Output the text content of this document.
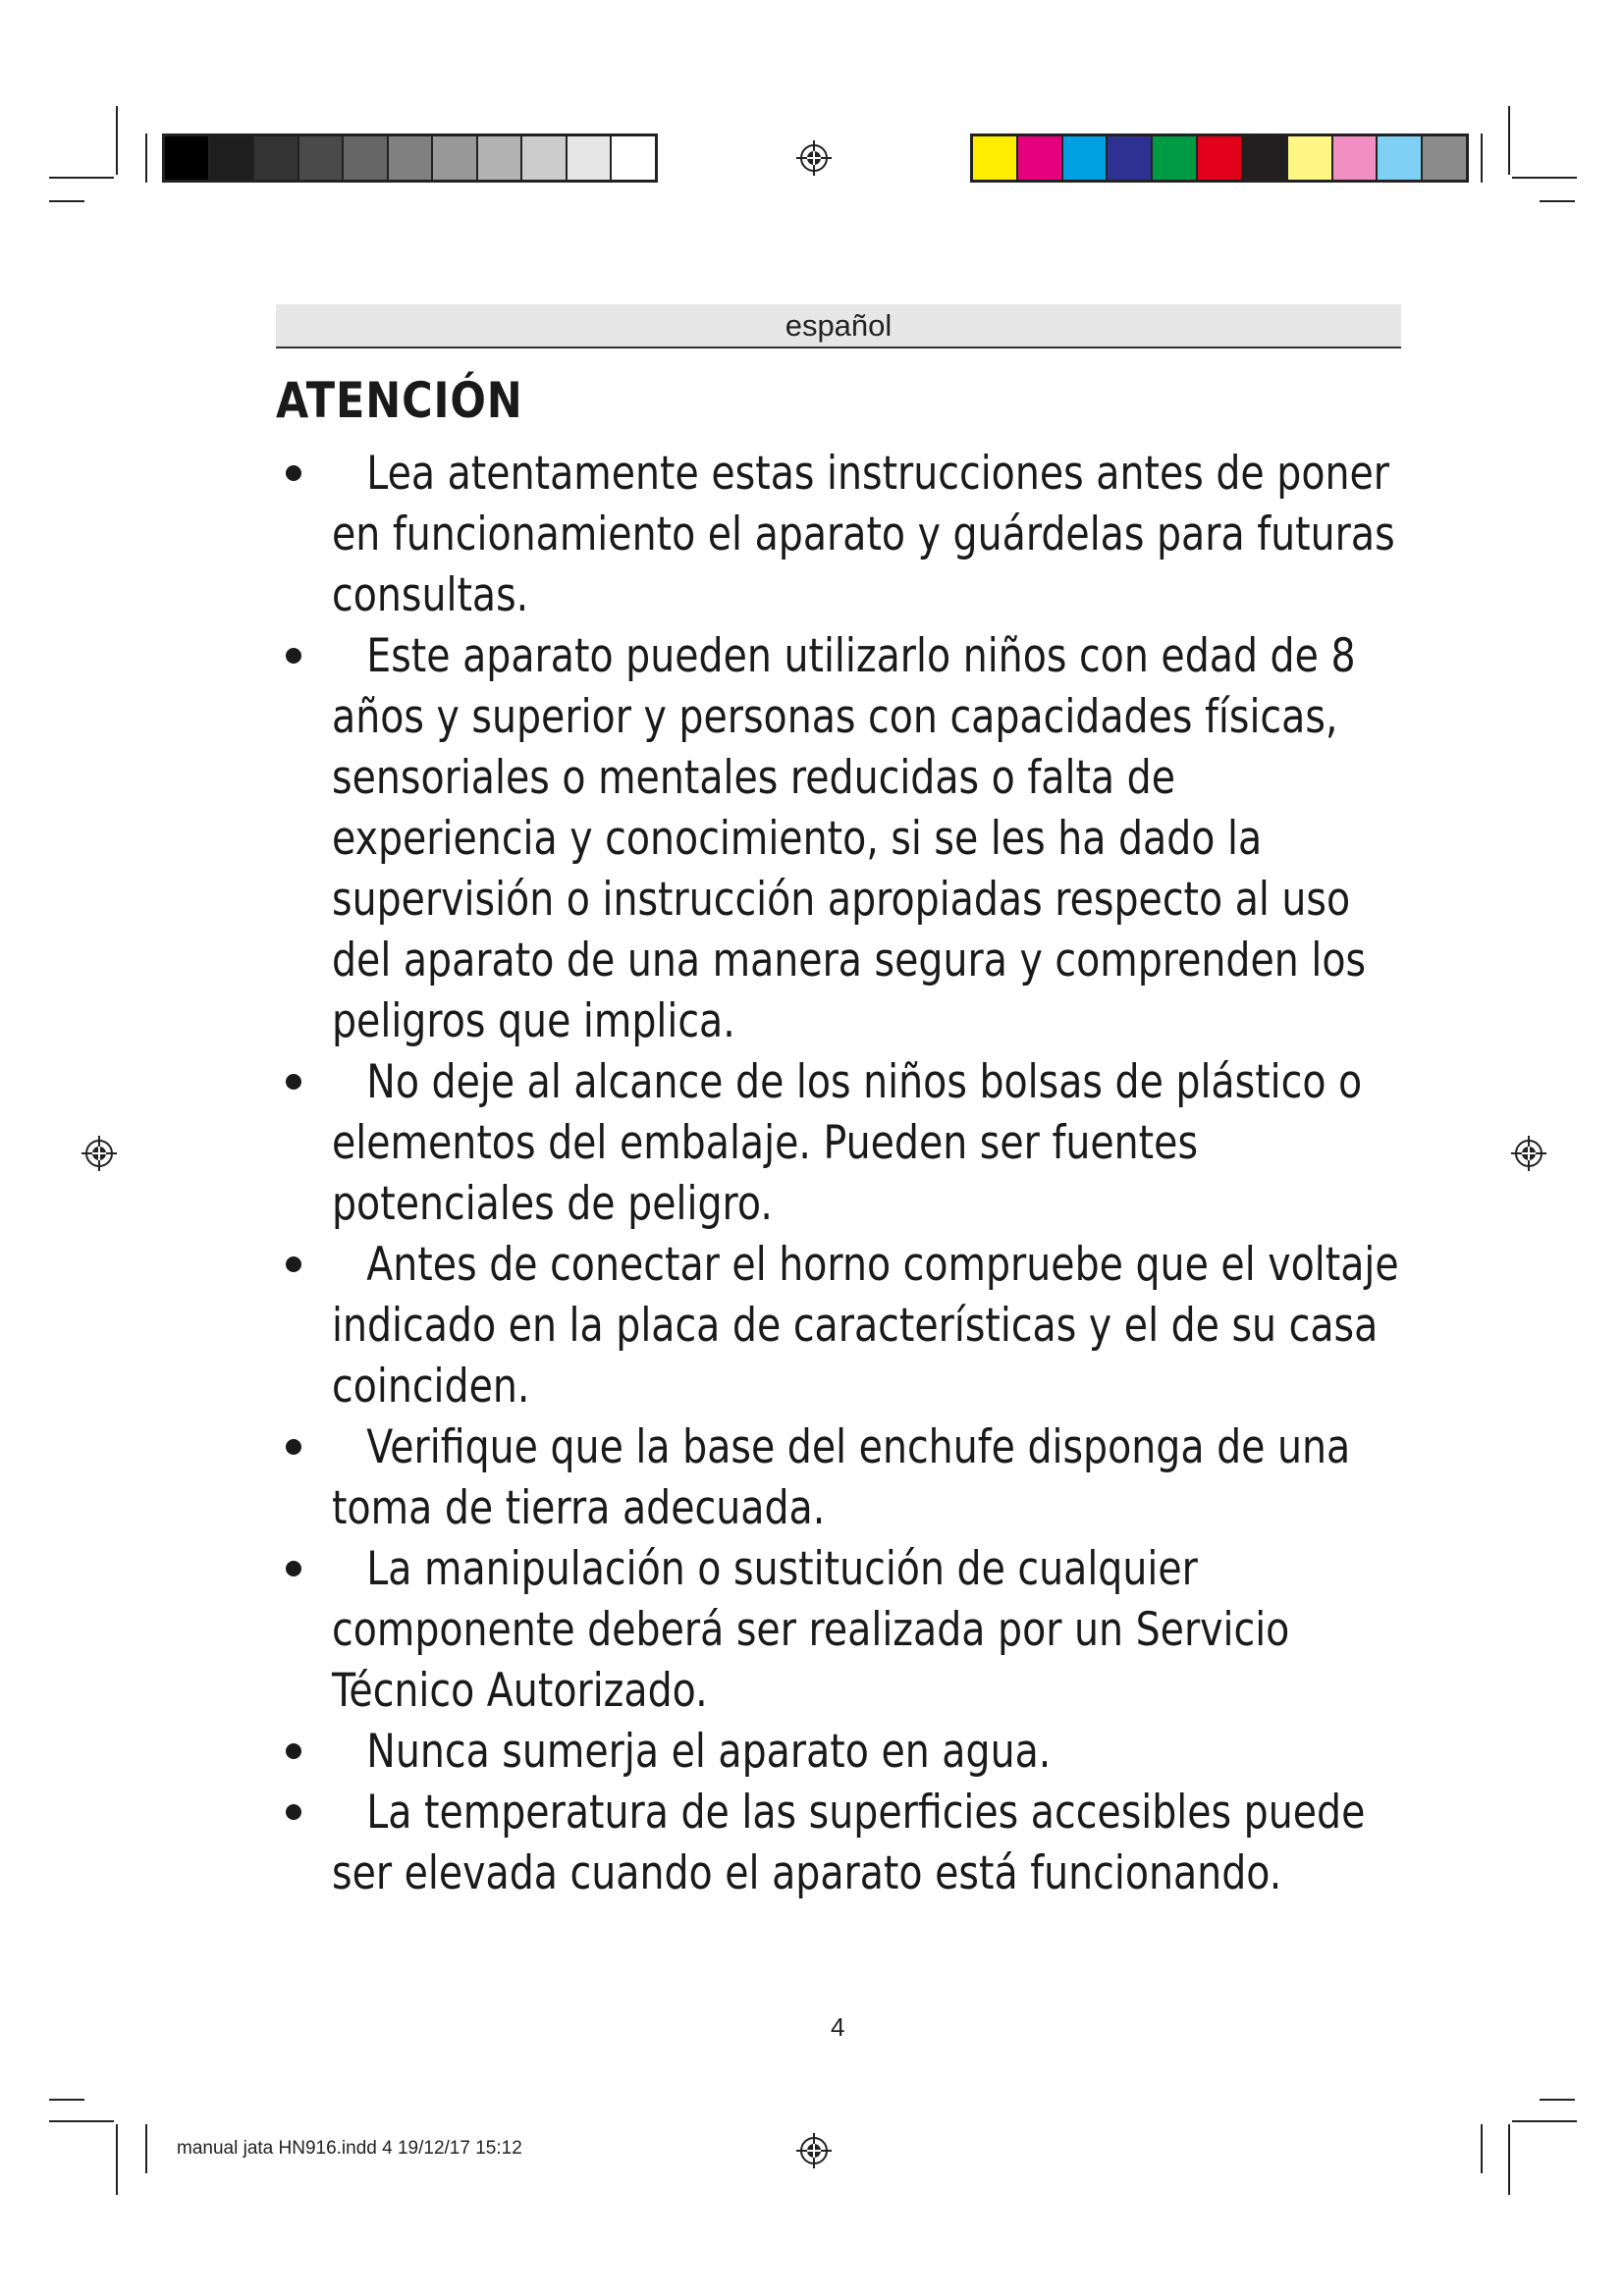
español
ATENCIÓN
Lea atentamente estas instrucciones antes de poner en funcionamiento el aparato y guárdelas para futuras consultas.
Este aparato pueden utilizarlo niños con edad de 8 años y superior y personas con capacidades físicas, sensoriales o mentales reducidas o falta de experiencia y conocimiento, si se les ha dado la supervisión o instrucción apropiadas respecto al uso del aparato de una manera segura y comprenden los peligros que implica.
No deje al alcance de los niños bolsas de plástico o elementos del embalaje. Pueden ser fuentes potenciales de peligro.
Antes de conectar el horno compruebe que el voltaje indicado en la placa de características y el de su casa coinciden.
Verifique que la base del enchufe disponga de una toma de tierra adecuada.
La manipulación o sustitución de cualquier componente deberá ser realizada por un Servicio Técnico Autorizado.
Nunca sumerja el aparato en agua.
La temperatura de las superficies accesibles puede ser elevada cuando el aparato está funcionando.
4
manual jata HN916.indd 4 19/12/17 15:12
